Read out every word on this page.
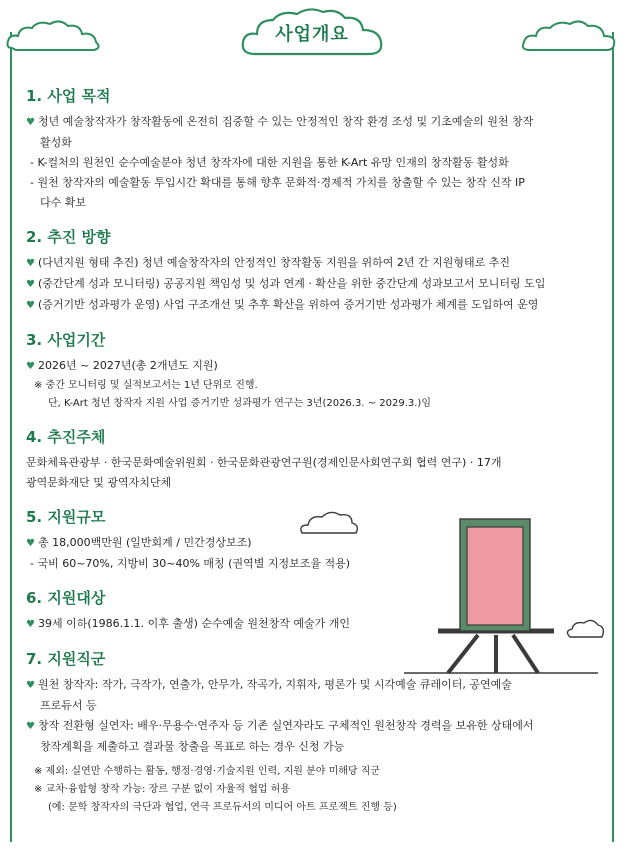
사업개요
1. 사업 목적
♥ 청년 예술창작자가 창작활동에 온전히 집중할 수 있는 안정적인 창작 환경 조성 및 기초예술의 원천 창작
활성화
- K-컬처의 원천인 순수예술분야 청년 창작자에 대한 지원을 통한 K-Art 유망 인재의 창작활동 활성화
- 원천 창작자의 예술활동 투입시간 확대를 통해 향후 문화적·경제적 가치를 창출할 수 있는 창작 신작 IP
다수 확보
2. 추진 방향
♥ (다년지원 형태 추진) 청년 예술창작자의 안정적인 창작활동 지원을 위하여 2년 간 지원형태로 추진
♥ (중간단계 성과 모니터링) 공공지원 책임성 및 성과 연계 · 확산을 위한 중간단계 성과보고서 모니터링 도입
♥ (증거기반 성과평가 운영) 사업 구조개선 및 추후 확산을 위하여 증거기반 성과평가 체계를 도입하여 운영
3. 사업기간
♥ 2026년 ~ 2027년(총 2개년도 지원)
※ 중간 모니터링 및 실적보고서는 1년 단위로 진행.
단, K-Art 청년 창작자 지원 사업 증거기반 성과평가 연구는 3년(2026.3. ~ 2029.3.)임
4. 추진주체
문화체육관광부 · 한국문화예술위원회 · 한국문화관광연구원(경제인문사회연구회 협력 연구) · 17개
광역문화재단 및 광역자치단체
5. 지원규모
♥ 총 18,000백만원 (일반회계 / 민간경상보조)
- 국비 60~70%, 지방비 30~40% 매칭 (권역별 지정보조율 적용)
6. 지원대상
♥ 39세 이하(1986.1.1. 이후 출생) 순수예술 원천창작 예술가 개인
7. 지원직군
♥ 원천 창작자: 작가, 극작가, 연출가, 안무가, 작곡가, 지휘자, 평론가 및 시각예술 큐레이터, 공연예술
프로듀서 등
♥ 창작 전환형 실연자: 배우·무용수·연주자 등 기존 실연자라도 구체적인 원천창작 경력을 보유한 상태에서
창작계획을 제출하고 결과물 창출을 목표로 하는 경우 신청 가능
※ 제외: 실연만 수행하는 활동, 행정·경영·기술지원 인력, 지원 분야 미해당 직군
※ 교차·융합형 창작 가능: 장르 구분 없이 자율적 협업 허용
(예: 문학 창작자의 극단과 협업, 연극 프로듀서의 미디어 아트 프로젝트 진행 등)
